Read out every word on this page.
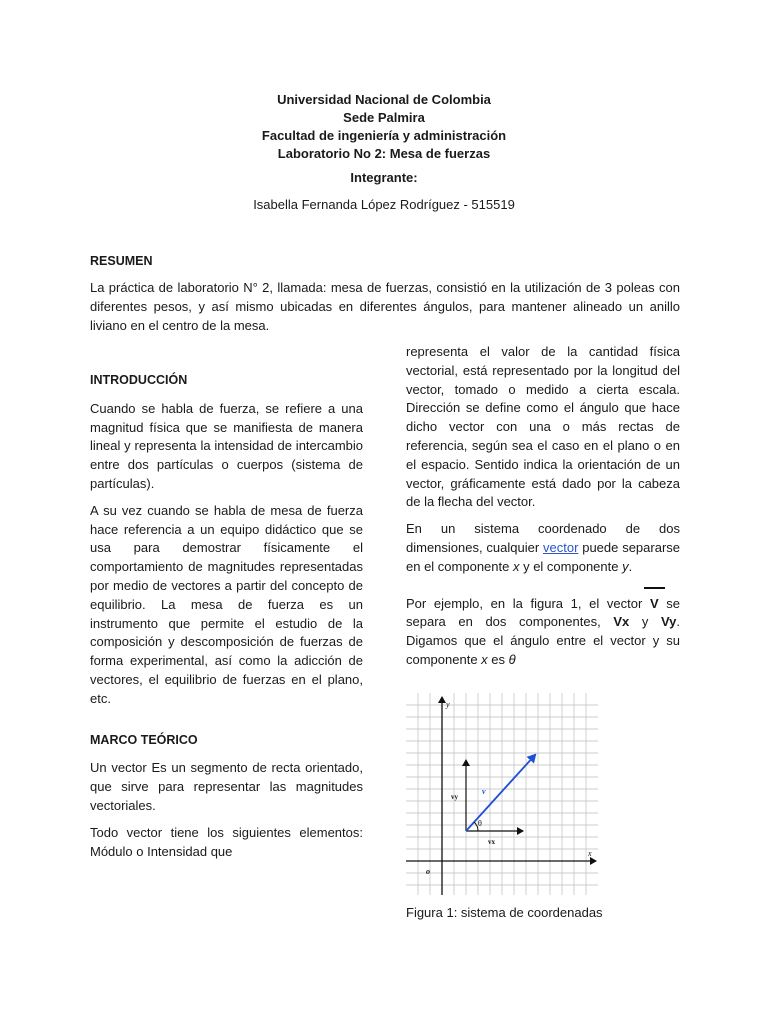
Universidad Nacional de Colombia
Sede Palmira
Facultad de ingeniería y administración
Laboratorio No 2: Mesa de fuerzas
Integrante:
Isabella Fernanda López Rodríguez - 515519
RESUMEN
La práctica de laboratorio N° 2, llamada: mesa de fuerzas, consistió en la utilización de 3 poleas con diferentes pesos, y así mismo ubicadas en diferentes ángulos, para mantener alineado un anillo liviano en el centro de la mesa.

INTRODUCCIÓN

Cuando se habla de fuerza, se refiere a una magnitud física que se manifiesta de manera lineal y representa la intensidad de intercambio entre dos partículas o cuerpos (sistema de partículas).

A su vez cuando se habla de mesa de fuerza hace referencia a un equipo didáctico que se usa para demostrar físicamente el comportamiento de magnitudes representadas por medio de vectores a partir del concepto de equilibrio. La mesa de fuerza es un instrumento que permite el estudio de la composición y descomposición de fuerzas de forma experimental, así como la adicción de vectores, el equilibrio de fuerzas en el plano, etc.

MARCO TEÓRICO

Un vector Es un segmento de recta orientado, que sirve para representar las magnitudes vectoriales.

Todo vector tiene los siguientes elementos: Módulo o Intensidad que

representa el valor de la cantidad física vectorial, está representado por la longitud del vector, tomado o medido a cierta escala. Dirección se define como el ángulo que hace dicho vector con una o más rectas de referencia, según sea el caso en el plano o en el espacio. Sentido indica la orientación de un vector, gráficamente está dado por la cabeza de la flecha del vector.

En un sistema coordenado de dos dimensiones, cualquier vector puede separarse en el componente x y el componente y.

Por ejemplo, en la figura 1, el vector V se separa en dos componentes, Vx y Vy. Digamos que el ángulo entre el vector y su componente x es θ

y
x
o
v
vy
vx
θ
Figura 1: sistema de coordenadas
